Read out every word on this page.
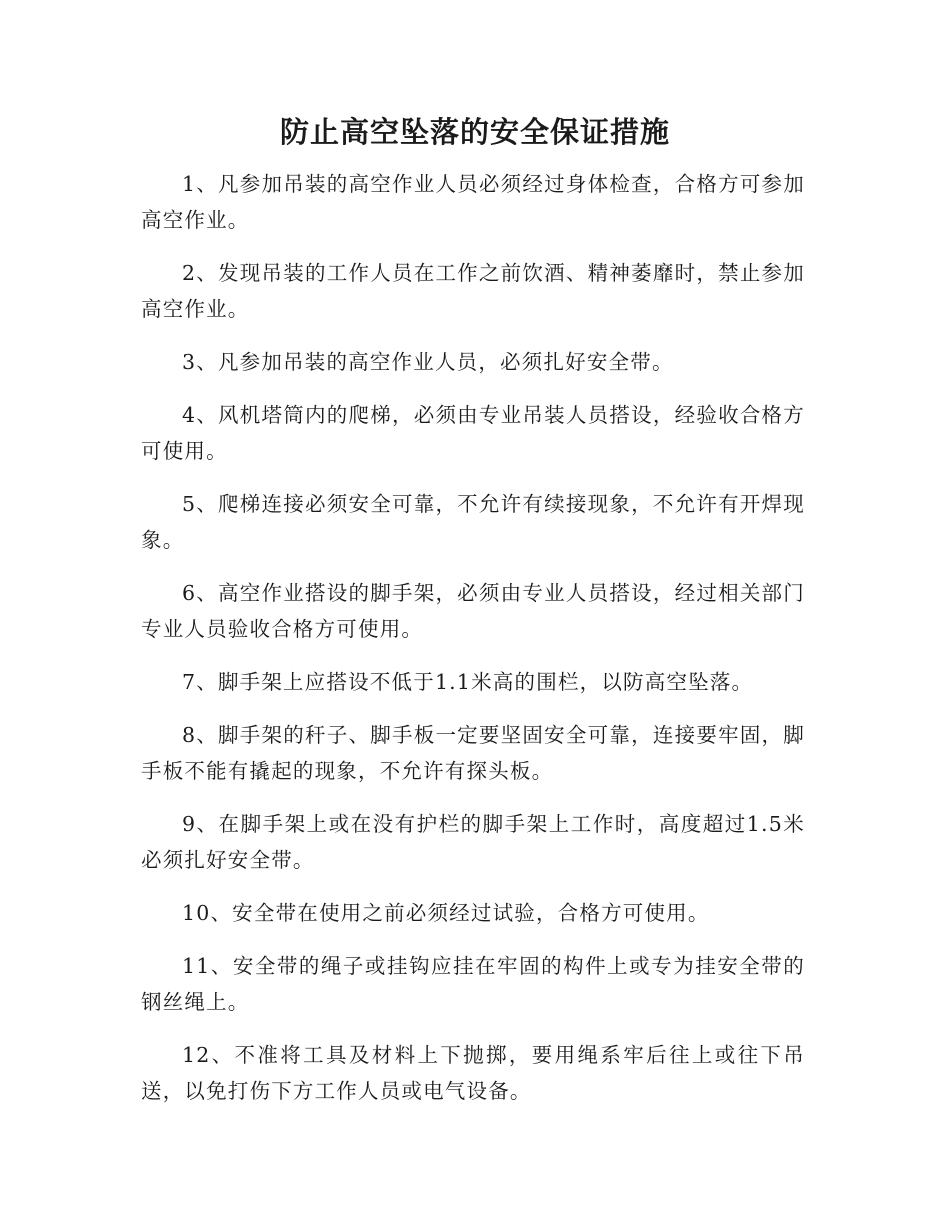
防止高空坠落的安全保证措施

1、凡参加吊装的高空作业人员必须经过身体检查，合格方可参加高空作业。

2、发现吊装的工作人员在工作之前饮酒、精神萎靡时，禁止参加高空作业。

3、凡参加吊装的高空作业人员，必须扎好安全带。

4、风机塔筒内的爬梯，必须由专业吊装人员搭设，经验收合格方可使用。

5、爬梯连接必须安全可靠，不允许有续接现象，不允许有开焊现象。

6、高空作业搭设的脚手架，必须由专业人员搭设，经过相关部门专业人员验收合格方可使用。

7、脚手架上应搭设不低于1.1米高的围栏，以防高空坠落。

8、脚手架的秆子、脚手板一定要坚固安全可靠，连接要牢固，脚手板不能有撬起的现象，不允许有探头板。

9、在脚手架上或在没有护栏的脚手架上工作时，高度超过1.5米必须扎好安全带。

10、安全带在使用之前必须经过试验，合格方可使用。

11、安全带的绳子或挂钩应挂在牢固的构件上或专为挂安全带的钢丝绳上。

12、不准将工具及材料上下抛掷，要用绳系牢后往上或往下吊送，以免打伤下方工作人员或电气设备。
